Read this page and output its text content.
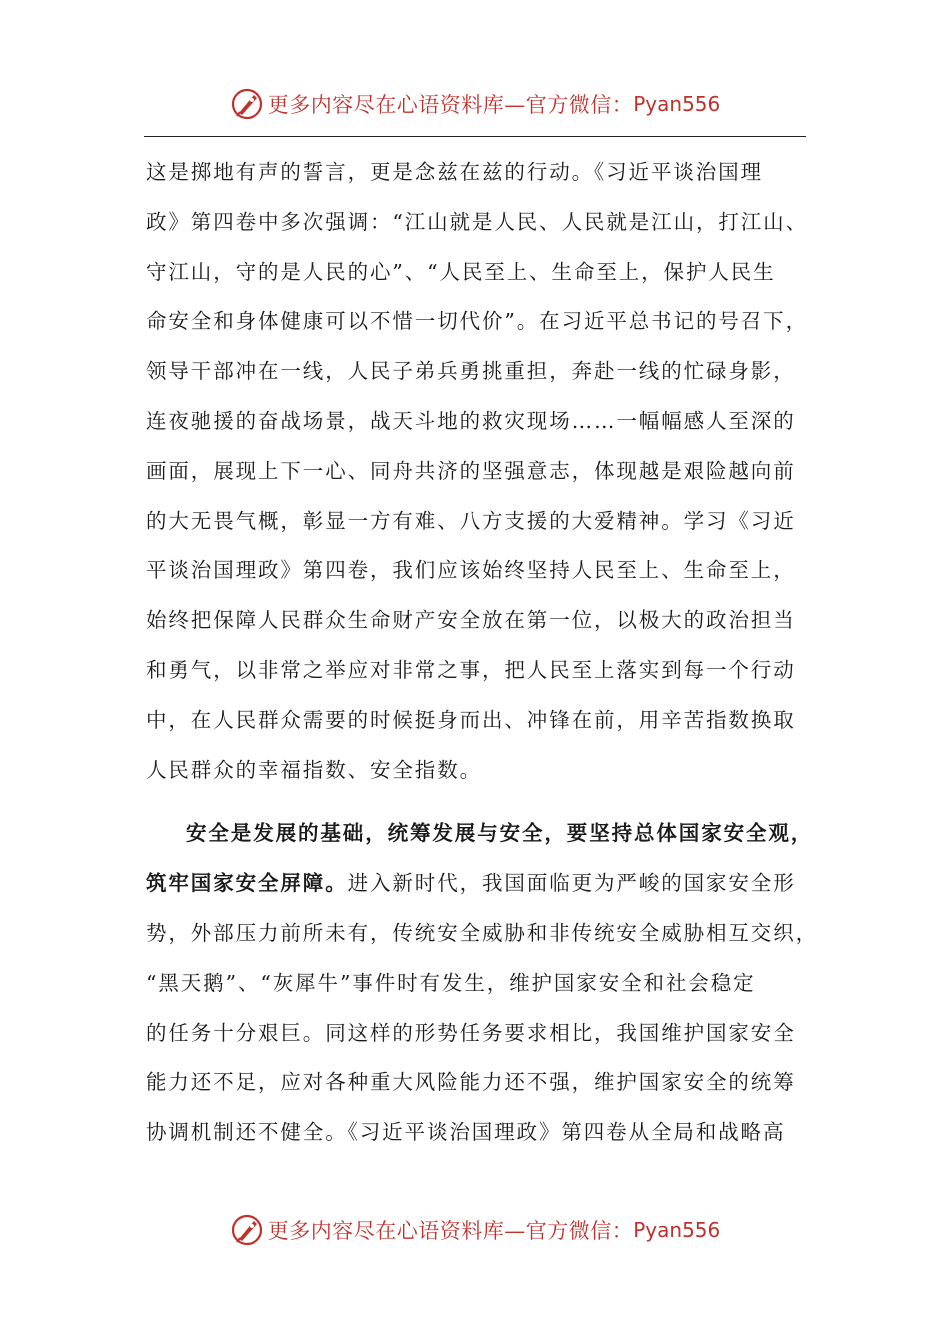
更多内容尽在心语资料库—官方微信： Pyan556
这是掷地有声的誓言，更是念兹在兹的行动。《习近平谈治国理
政》第四卷中多次强调：“江山就是人民、人民就是江山，打江山、
守江山，守的是人民的心”、“人民至上、生命至上，保护人民生
命安全和身体健康可以不惜一切代价”。在习近平总书记的号召下，
领导干部冲在一线，人民子弟兵勇挑重担，奔赴一线的忙碌身影，
连夜驰援的奋战场景，战天斗地的救灾现场……一幅幅感人至深的
画面，展现上下一心、同舟共济的坚强意志，体现越是艰险越向前
的大无畏气概，彰显一方有难、八方支援的大爱精神。学习《习近
平谈治国理政》第四卷，我们应该始终坚持人民至上、生命至上，
始终把保障人民群众生命财产安全放在第一位，以极大的政治担当
和勇气，以非常之举应对非常之事，把人民至上落实到每一个行动
中，在人民群众需要的时候挺身而出、冲锋在前，用辛苦指数换取
人民群众的幸福指数、安全指数。
安全是发展的基础，统筹发展与安全，要坚持总体国家安全观，
筑牢国家安全屏障。进入新时代，我国面临更为严峻的国家安全形
势，外部压力前所未有，传统安全威胁和非传统安全威胁相互交织，
“黑天鹅”、“灰犀牛”事件时有发生，维护国家安全和社会稳定
的任务十分艰巨。同这样的形势任务要求相比，我国维护国家安全
能力还不足，应对各种重大风险能力还不强，维护国家安全的统筹
协调机制还不健全。《习近平谈治国理政》第四卷从全局和战略高
更多内容尽在心语资料库—官方微信： Pyan556
